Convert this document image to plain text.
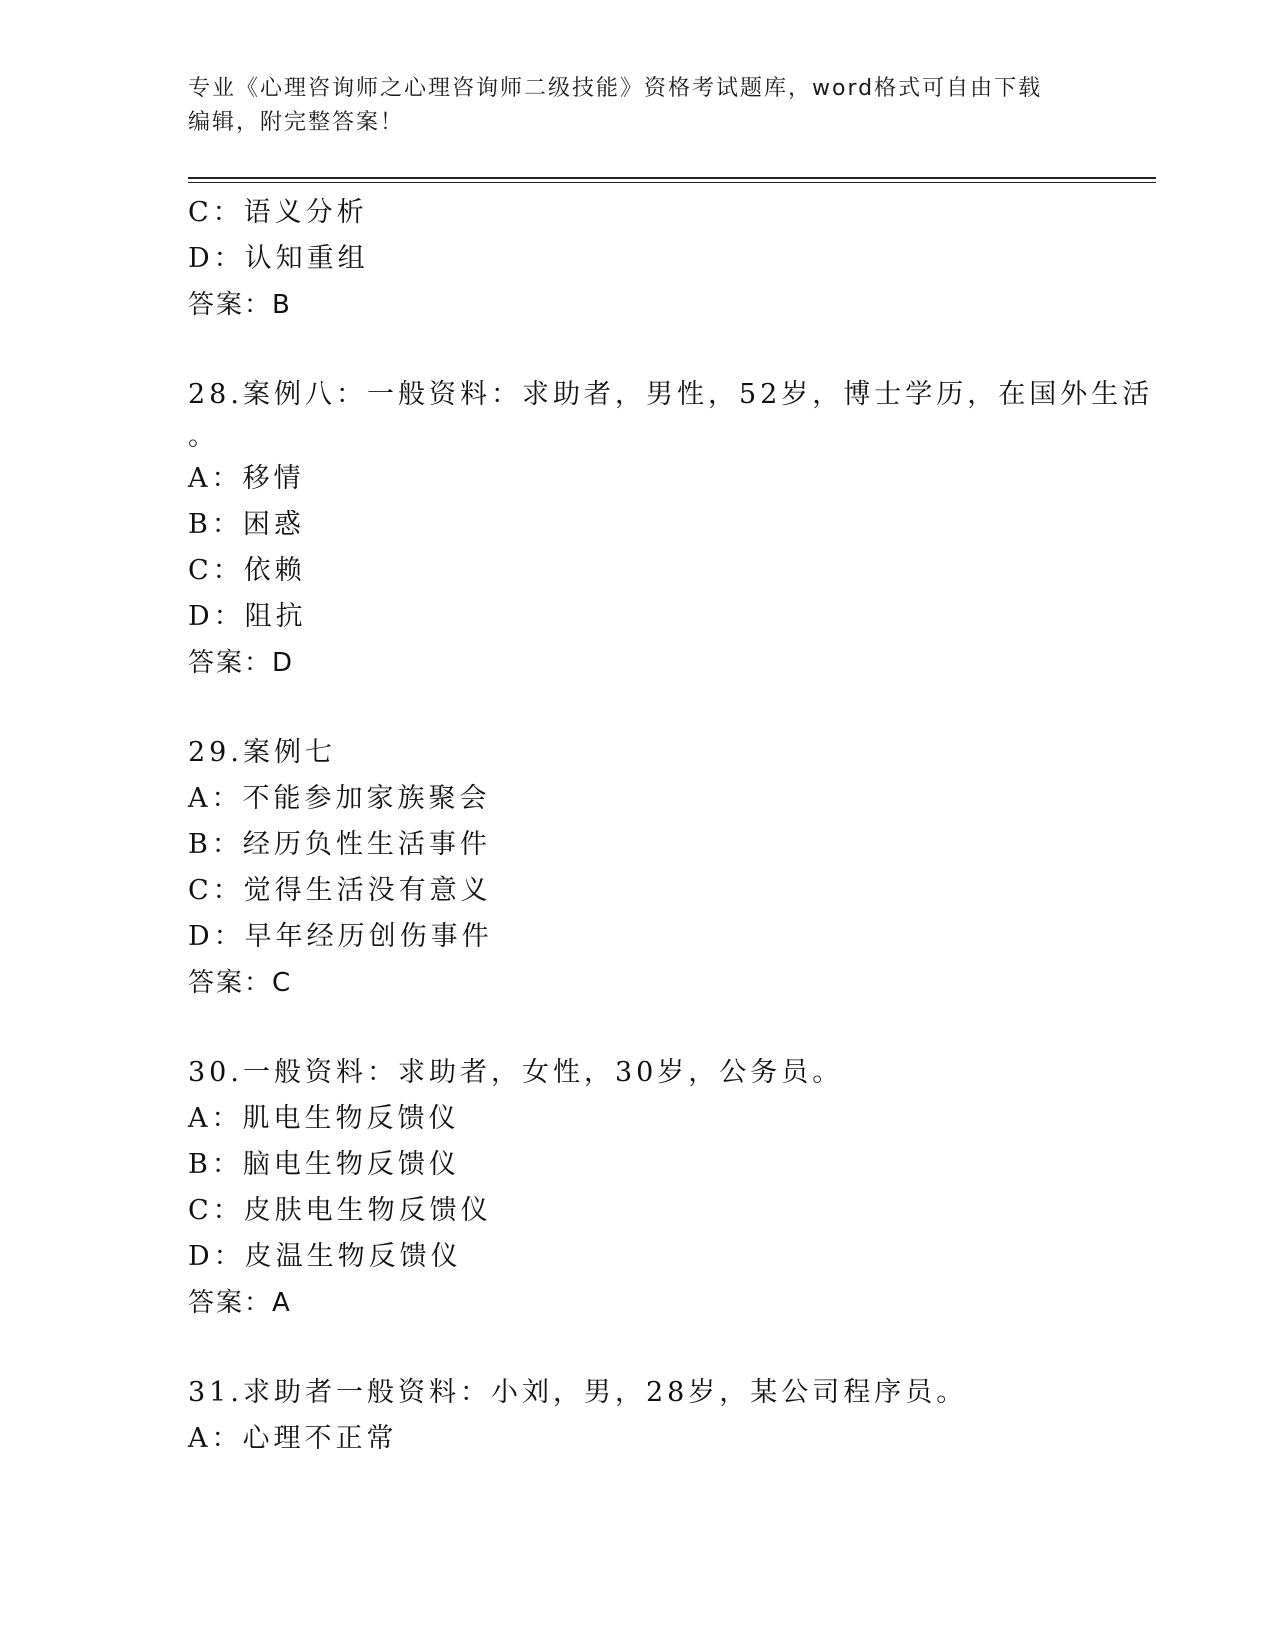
专业《心理咨询师之心理咨询师二级技能》资格考试题库，word格式可自由下载
编辑，附完整答案！
C：语义分析
D：认知重组
答案：B
28.案例八：一般资料：求助者，男性，52岁，博士学历，在国外生活
。
A：移情
B：困惑
C：依赖
D：阻抗
答案：D
29.案例七
A：不能参加家族聚会
B：经历负性生活事件
C：觉得生活没有意义
D：早年经历创伤事件
答案：C
30.一般资料：求助者，女性，30岁，公务员。
A：肌电生物反馈仪
B：脑电生物反馈仪
C：皮肤电生物反馈仪
D：皮温生物反馈仪
答案：A
31.求助者一般资料：小刘，男，28岁，某公司程序员。
A：心理不正常
